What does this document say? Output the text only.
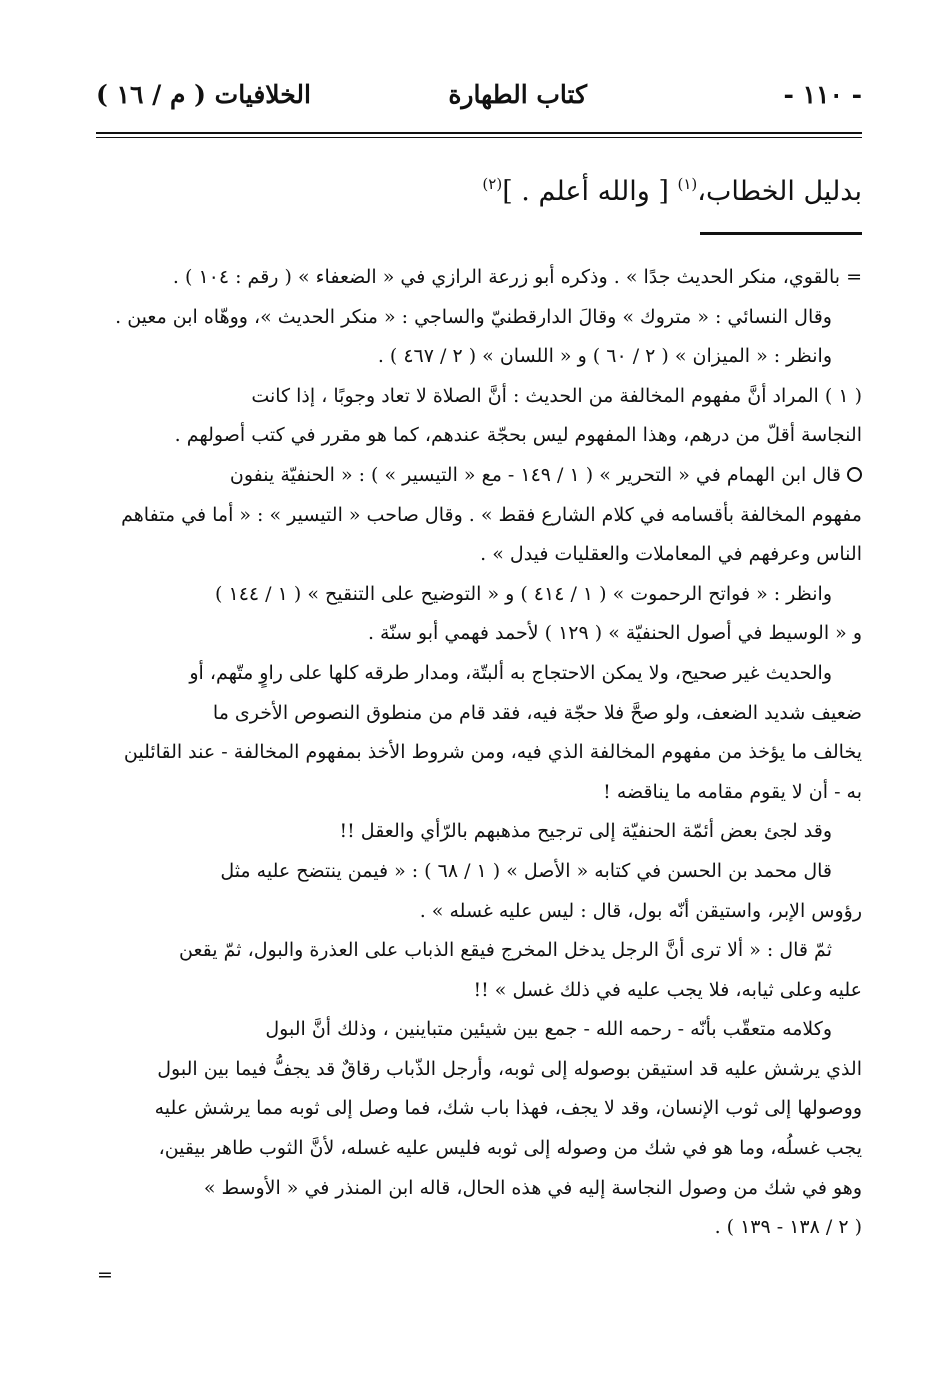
- ١١٠ -
كتاب الطهارة
الخلافيات ( م / ١٦ )
بدليل الخطاب،$^{(١)}$ [ والله أعلم . ]$^{(٢)}$
= بالقوي، منكر الحديث جدًا » . وذكره أبو زرعة الرازي في « الضعفاء » ( رقم : ١٠٤ ) .
وقال النسائي : « متروك » وقالَ الدارقطنيّ والساجي : « منكر الحديث »، ووهّاه ابن معين .
وانظر : « الميزان » ( ٢ / ٦٠ ) و « اللسان » ( ٢ / ٤٦٧ ) .
( ١ ) المراد أنَّ مفهوم المخالفة من الحديث : أنَّ الصلاة لا تعاد وجوبًا ، إذا كانت
النجاسة أقلّ من درهم، وهذا المفهوم ليس بحجّة عندهم، كما هو مقرر في كتب أصولهم .
قال ابن الهمام في « التحرير » ( ١ / ١٤٩ - مع « التيسير » ) : « الحنفيّة ينفون
مفهوم المخالفة بأقسامه في كلام الشارع فقط » . وقال صاحب « التيسير » : « أما في متفاهم
الناس وعرفهم في المعاملات والعقليات فيدل » .
وانظر : « فواتح الرحموت » ( ١ / ٤١٤ ) و « التوضيح على التنقيح » ( ١ / ١٤٤ )
و « الوسيط في أصول الحنفيّة » ( ١٢٩ ) لأحمد فهمي أبو سنّة .
والحديث غير صحيح، ولا يمكن الاحتجاج به ألبتّة، ومدار طرقه كلها على راوٍ متّهم، أو
ضعيف شديد الضعف، ولو صحَّ فلا حجّة فيه، فقد قام من منطوق النصوص الأخرى ما
يخالف ما يؤخذ من مفهوم المخالفة الذي فيه، ومن شروط الأخذ بمفهوم المخالفة - عند القائلين
به - أن لا يقوم مقامه ما يناقضه !
وقد لجئ بعض أئمّة الحنفيّة إلى ترجيح مذهبهم بالرّأي والعقل !!
قال محمد بن الحسن في كتابه « الأصل » ( ١ / ٦٨ ) : « فيمن ينتضح عليه مثل
رؤوس الإبر، واستيقن أنّه بول، قال : ليس عليه غسله » .
ثمّ قال : « ألا ترى أنَّ الرجل يدخل المخرج فيقع الذباب على العذرة والبول، ثمّ يقعن
عليه وعلى ثيابه، فلا يجب عليه في ذلك غسل » !!
وكلامه متعقّب بأنّه - رحمه الله - جمع بين شيئين متباينين ، وذلك أنَّ البول
الذي يرشش عليه قد استيقن بوصوله إلى ثوبه، وأرجل الذّباب رقاقٌ قد يجفُّ فيما بين البول
ووصولها إلى ثوب الإنسان، وقد لا يجف، فهذا باب شك، فما وصل إلى ثوبه مما يرشش عليه
يجب غسلُه، وما هو في شك من وصوله إلى ثوبه فليس عليه غسله، لأنَّ الثوب طاهر بيقين،
وهو في شك من وصول النجاسة إليه في هذه الحال، قاله ابن المنذر في « الأوسط »
( ٢ / ١٣٨ - ١٣٩ ) .
=
